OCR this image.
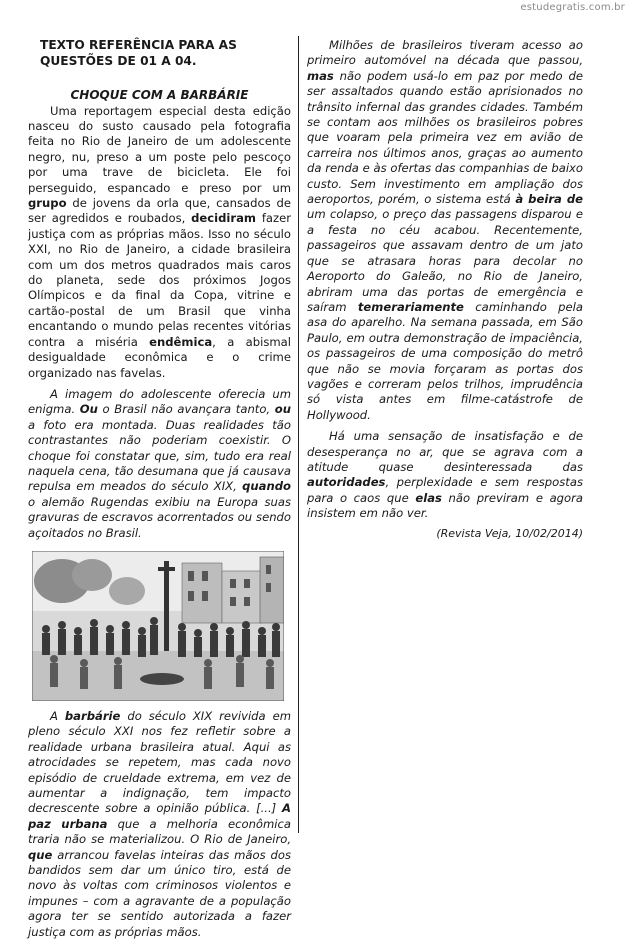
estudegratis.com.br
TEXTO REFERÊNCIA PARA AS QUESTÕES DE 01 A 04.
CHOQUE COM A BARBÁRIE

Uma reportagem especial desta edição nasceu do susto causado pela fotografia feita no Rio de Janeiro de um adolescente negro, nu, preso a um poste pelo pescoço por uma trave de bicicleta. Ele foi perseguido, espancado e preso por um grupo de jovens da orla que, cansados de ser agredidos e roubados, decidiram fazer justiça com as próprias mãos. Isso no século XXI, no Rio de Janeiro, a cidade brasileira com um dos metros quadrados mais caros do planeta, sede dos próximos Jogos Olímpicos e da final da Copa, vitrine e cartão-postal de um Brasil que vinha encantando o mundo pelas recentes vitórias contra a miséria endêmica, a abismal desigualdade econômica e o crime organizado nas favelas.

A imagem do adolescente oferecia um enigma. Ou o Brasil não avançara tanto, ou a foto era montada. Duas realidades tão contrastantes não poderiam coexistir. O choque foi constatar que, sim, tudo era real naquela cena, tão desumana que já causava repulsa em meados do século XIX, quando o alemão Rugendas exibiu na Europa suas gravuras de escravos acorrentados ou sendo açoitados no Brasil.

A barbárie do século XIX revivida em pleno século XXI nos fez refletir sobre a realidade urbana brasileira atual. Aqui as atrocidades se repetem, mas cada novo episódio de crueldade extrema, em vez de aumentar a indignação, tem impacto decrescente sobre a opinião pública. [...] A paz urbana que a melhoria econômica traria não se materializou. O Rio de Janeiro, que arrancou favelas inteiras das mãos dos bandidos sem dar um único tiro, está de novo às voltas com criminosos violentos e impunes – com a agravante de a população agora ter se sentido autorizada a fazer justiça com as próprias mãos.

Milhões de brasileiros tiveram acesso ao primeiro automóvel na década que passou, mas não podem usá-lo em paz por medo de ser assaltados quando estão aprisionados no trânsito infernal das grandes cidades. Também se contam aos milhões os brasileiros pobres que voaram pela primeira vez em avião de carreira nos últimos anos, graças ao aumento da renda e às ofertas das companhias de baixo custo. Sem investimento em ampliação dos aeroportos, porém, o sistema está à beira de um colapso, o preço das passagens disparou e a festa no céu acabou. Recentemente, passageiros que assavam dentro de um jato que se atrasara horas para decolar no Aeroporto do Galeão, no Rio de Janeiro, abriram uma das portas de emergência e saíram temerariamente caminhando pela asa do aparelho. Na semana passada, em São Paulo, em outra demonstração de impaciência, os passageiros de uma composição do metrô que não se movia forçaram as portas dos vagões e correram pelos trilhos, imprudência só vista antes em filme-catástrofe de Hollywood.

Há uma sensação de insatisfação e de desesperança no ar, que se agrava com a atitude quase desinteressada das autoridades, perplexidade e sem respostas para o caos que elas não previram e agora insistem em não ver.

(Revista Veja, 10/02/2014)
